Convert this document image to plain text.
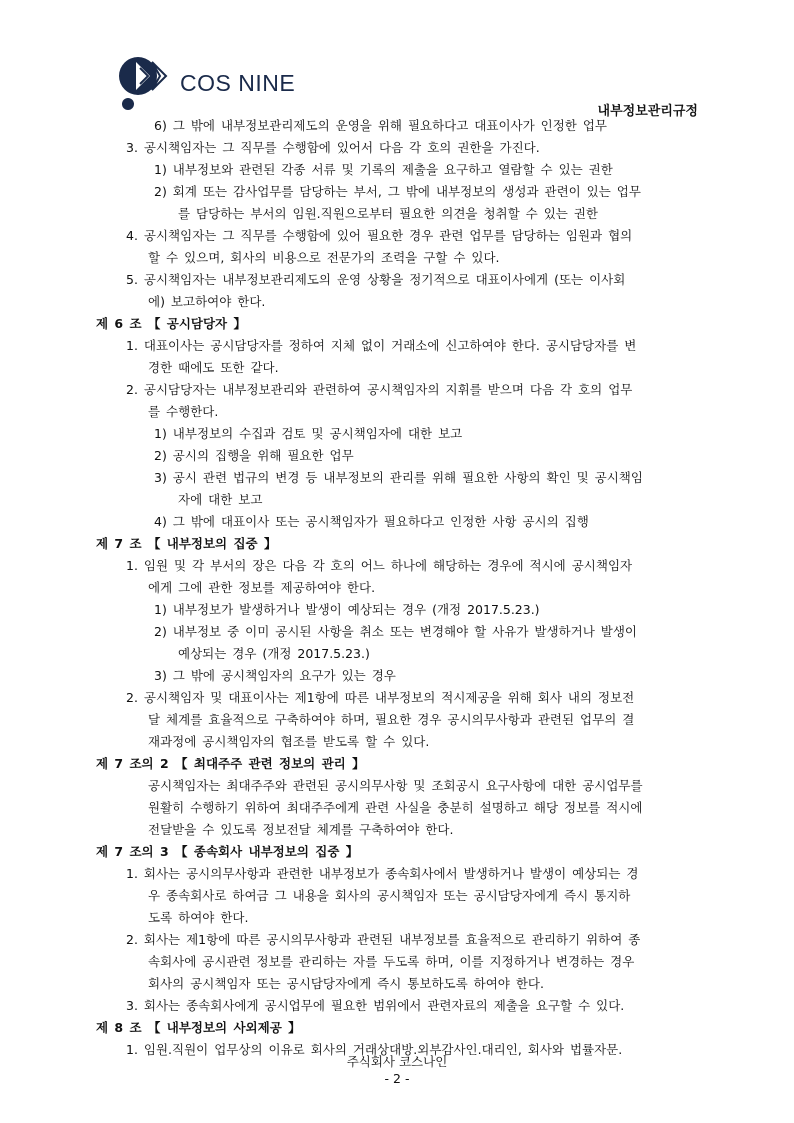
COS NINE
내부정보관리규정
6) 그 밖에 내부정보관리제도의 운영을 위해 필요하다고 대표이사가 인정한 업무
3. 공시책임자는 그 직무를 수행함에 있어서 다음 각 호의 권한을 가진다.
1) 내부정보와 관련된 각종 서류 및 기록의 제출을 요구하고 열람할 수 있는 권한
2) 회계 또는 감사업무를 담당하는 부서, 그 밖에 내부정보의 생성과 관련이 있는 업무
를 담당하는 부서의 임원.직원으로부터 필요한 의견을 청취할 수 있는 권한
4. 공시책임자는 그 직무를 수행함에 있어 필요한 경우 관련 업무를 담당하는 임원과 협의
할 수 있으며, 회사의 비용으로 전문가의 조력을 구할 수 있다.
5. 공시책임자는 내부정보관리제도의 운영 상황을 정기적으로 대표이사에게 (또는 이사회
에) 보고하여야 한다.
제 6 조 【 공시담당자 】
1. 대표이사는 공시담당자를 정하여 지체 없이 거래소에 신고하여야 한다. 공시담당자를 변
경한 때에도 또한 같다.
2. 공시담당자는 내부정보관리와 관련하여 공시책임자의 지휘를 받으며 다음 각 호의 업무
를 수행한다.
1) 내부정보의 수집과 검토 및 공시책임자에 대한 보고
2) 공시의 집행을 위해 필요한 업무
3) 공시 관련 법규의 변경 등 내부정보의 관리를 위해 필요한 사항의 확인 및 공시책임
자에 대한 보고
4) 그 밖에 대표이사 또는 공시책임자가 필요하다고 인정한 사항 공시의 집행
제 7 조 【 내부정보의 집중 】
1. 임원 및 각 부서의 장은 다음 각 호의 어느 하나에 해당하는 경우에 적시에 공시책임자
에게 그에 관한 정보를 제공하여야 한다.
1) 내부정보가 발생하거나 발생이 예상되는 경우 (개정 2017.5.23.)
2) 내부정보 중 이미 공시된 사항을 취소 또는 변경해야 할 사유가 발생하거나 발생이
예상되는 경우 (개정 2017.5.23.)
3) 그 밖에 공시책임자의 요구가 있는 경우
2. 공시책임자 및 대표이사는 제1항에 따른 내부정보의 적시제공을 위해 회사 내의 정보전
달 체계를 효율적으로 구축하여야 하며, 필요한 경우 공시의무사항과 관련된 업무의 결
재과정에 공시책임자의 협조를 받도록 할 수 있다.
제 7 조의 2 【 최대주주 관련 정보의 관리 】
공시책임자는 최대주주와 관련된 공시의무사항 및 조회공시 요구사항에 대한 공시업무를
원활히 수행하기 위하여 최대주주에게 관련 사실을 충분히 설명하고 해당 정보를 적시에
전달받을 수 있도록 정보전달 체계를 구축하여야 한다.
제 7 조의 3 【 종속회사 내부정보의 집중 】
1. 회사는 공시의무사항과 관련한 내부정보가 종속회사에서 발생하거나 발생이 예상되는 경
우 종속회사로 하여금 그 내용을 회사의 공시책임자 또는 공시담당자에게 즉시 통지하
도록 하여야 한다.
2. 회사는 제1항에 따른 공시의무사항과 관련된 내부정보를 효율적으로 관리하기 위하여 종
속회사에 공시관련 정보를 관리하는 자를 두도록 하며, 이를 지정하거나 변경하는 경우
회사의 공시책임자 또는 공시담당자에게 즉시 통보하도록 하여야 한다.
3. 회사는 종속회사에게 공시업무에 필요한 범위에서 관련자료의 제출을 요구할 수 있다.
제 8 조 【 내부정보의 사외제공 】
1. 임원.직원이 업무상의 이유로 회사의 거래상대방.외부감사인.대리인, 회사와 법률자문.
주식회사 코스나인
- 2 -
